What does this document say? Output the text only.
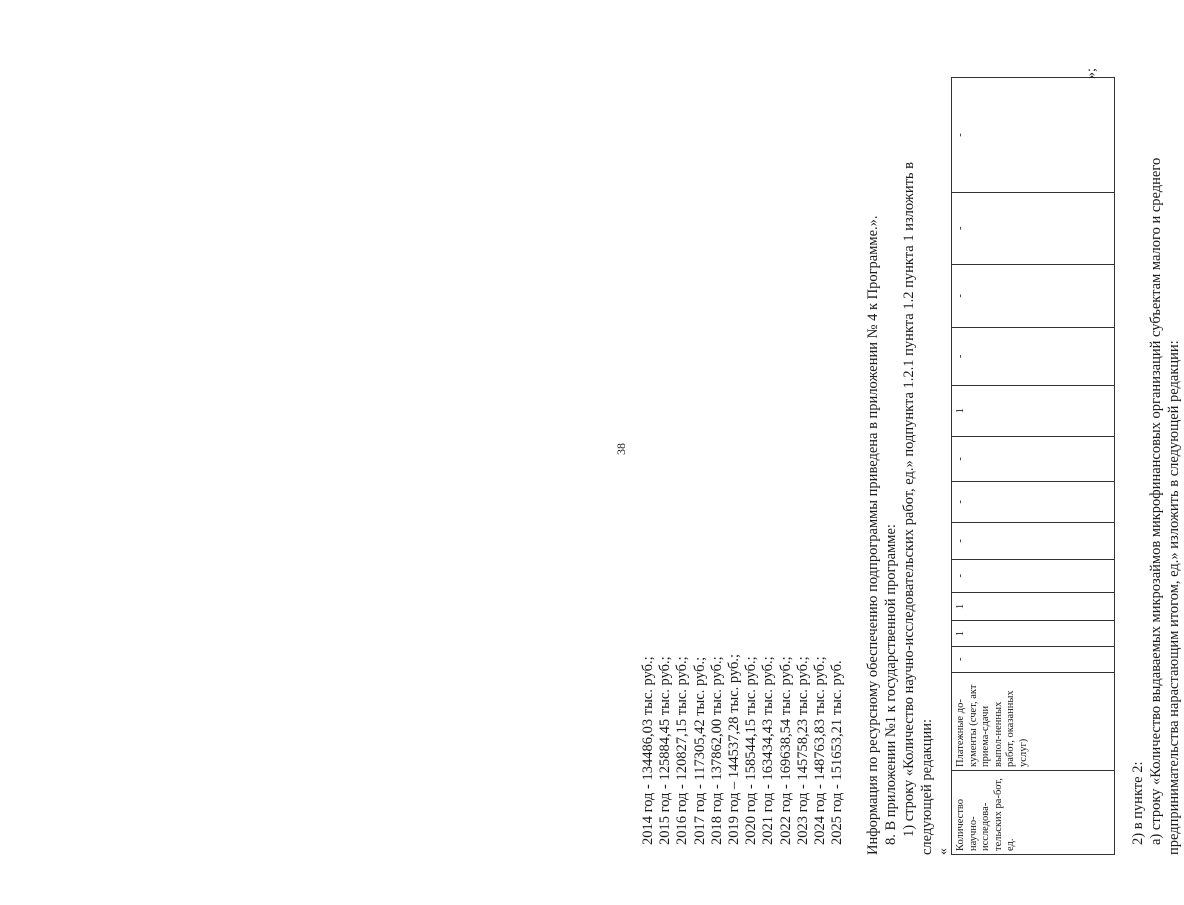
38
2014 год - 134486,03 тыс. руб.; 2015 год - 125884,45 тыс. руб.; 2016 год - 120827,15 тыс. руб.; 2017 год - 117305,42 тыс. руб.; 2018 год - 137862,00 тыс. руб.; 2019 год – 144537,28 тыс. руб.; 2020 год - 158544,15 тыс. руб.; 2021 год - 163434,43 тыс. руб.; 2022 год - 169638,54 тыс. руб.; 2023 год - 145758,23 тыс. руб.; 2024 год - 148763,83 тыс. руб.; 2025 год - 151653,21 тыс. руб. Информация по ресурсному обеспечению подпрограммы приведена в приложении № 4 к Программе.». 8. В приложении №1 к государственной программе: 1) строку «Количество научно-исследовательских работ, ед.» подпункта 1.2.1 пункта 1.2 пункта 1 изложить в следующей редакции: «
Количество научно-исследова-тельских ра-бот, ед.	Платежные до-кументы (счет, акт приема-сдачи выпол-ненных работ, оказанных услуг)	-	1	1	-	-	-	-	1	-	-	-	-
»;
2) в пункте 2: а) строку «Количество выдаваемых микрозаймов микрофинансовых организаций субъектам малого и среднего предпринимательства нарастающим итогом, ед.» изложить в следующей редакции:
